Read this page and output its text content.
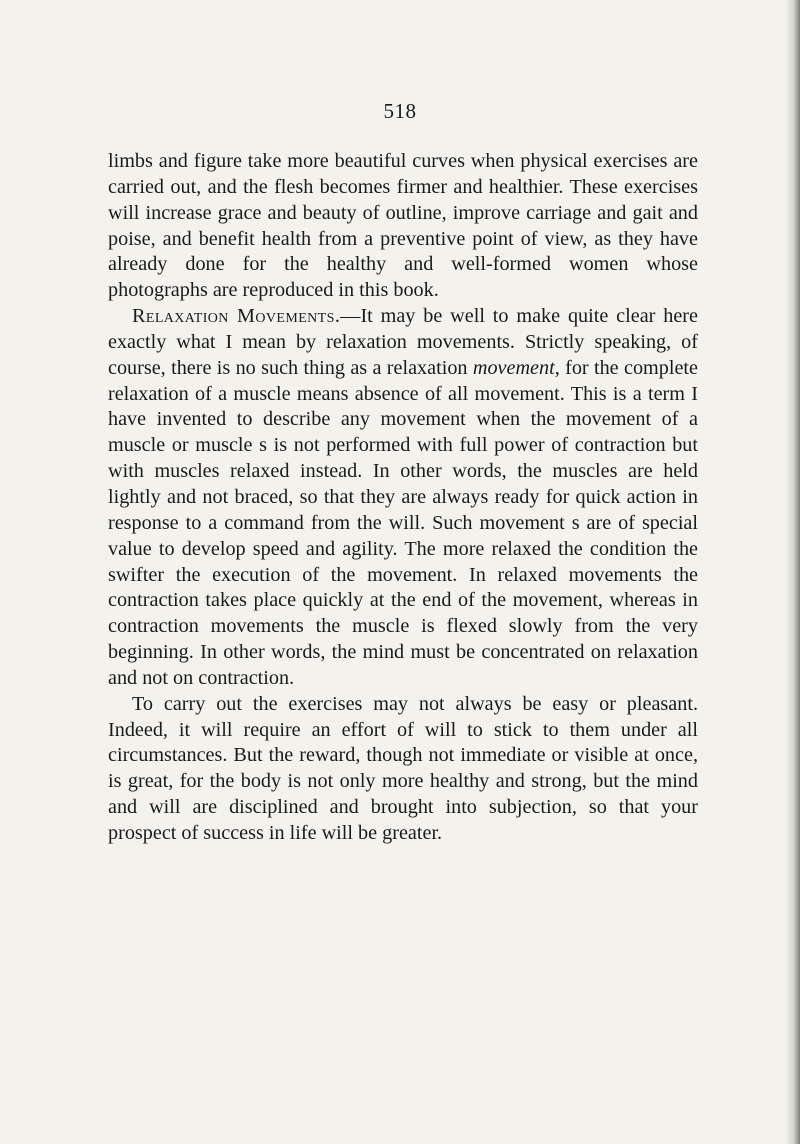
518

limbs and figure take more beautiful curves when physical exercises are carried out, and the flesh becomes firmer and healthier. These exercises will increase grace and beauty of outline, improve carriage and gait and poise, and benefit health from a preventive point of view, as they have already done for the healthy and well-formed women whose photographs are reproduced in this book.

Relaxation Movements.—It may be well to make quite clear here exactly what I mean by relaxation movements. Strictly speaking, of course, there is no such thing as a relaxation movement, for the complete relaxation of a muscle means absence of all movement. This is a term I have invented to describe any movement when the movement of a muscle or muscle s is not performed with full power of contraction but with muscles relaxed instead. In other words, the muscles are held lightly and not braced, so that they are always ready for quick action in response to a command from the will. Such movement s are of special value to develop speed and agility. The more relaxed the condition the swifter the execution of the movement. In relaxed movements the contraction takes place quickly at the end of the movement, whereas in contraction movements the muscle is flexed slowly from the very beginning. In other words, the mind must be concentrated on relaxation and not on contraction.

To carry out the exercises may not always be easy or pleasant. Indeed, it will require an effort of will to stick to them under all circumstances. But the reward, though not immediate or visible at once, is great, for the body is not only more healthy and strong, but the mind and will are disciplined and brought into subjection, so that your prospect of success in life will be greater.
